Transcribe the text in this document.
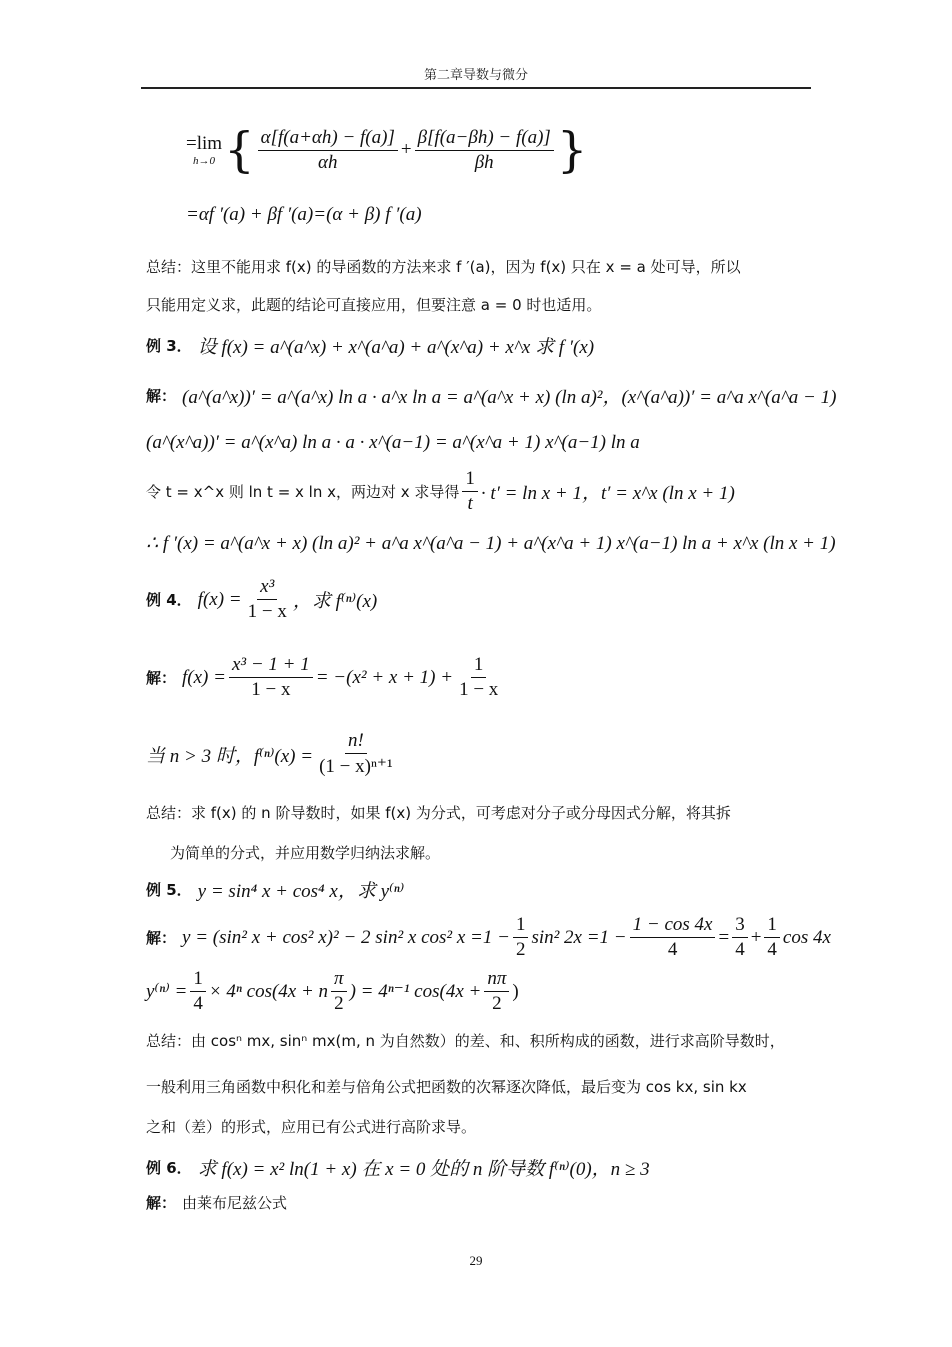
第二章导数与微分
=lim
h→0 { $\frac{\alpha[f(a+\alpha h) - f(a)]}{\alpha h} + \frac{\beta[f(a-\beta h) - f(a)]}{\beta h}$ }
=αf ′(a) + βf ′(a)=(α + β) f ′(a)
总结：这里不能用求 f(x) 的导函数的方法来求 f ′(a)，因为 f(x) 只在 x = a 处可导，所以
只能用定义求，此题的结论可直接应用，但要注意 a = 0 时也适用。
例 3． 设 f(x) = a^(a^x) + x^(a^a) + a^(x^a) + x^x 求 f ′(x)
解： (a^(a^x))′ = a^(a^x) ln a · a^x ln a = a^(a^x + x) (ln a)²，(x^(a^a))′ = a^a x^(a^a − 1)
(a^(x^a))′ = a^(x^a) ln a · a · x^(a−1) = a^(x^a + 1) x^(a−1) ln a
令 t = x^x 则 ln t = x ln x，两边对 x 求导得 $\frac{1}{t} \cdot t' = \ln x + 1$，t′ = x^x (ln x + 1)
∴ f ′(x) = a^(a^x + x) (ln a)² + a^a x^(a^a − 1) + a^(x^a + 1) x^(a−1) ln a + x^x (ln x + 1)
例 4． $f(x) = \frac{\text{x³}}{1 - x}$ ，求 f⁽ⁿ⁾(x)
解： $f(x) = \frac{\text{x³ − 1 + 1}}{1 - x} = -(x^2 + x + 1) + \frac{1}{1 - x}$
当 n > 3 时，$f^{(n)}(x) = \frac{n!}{\text{(1 − x)ⁿ⁺¹}}$
总结：求 f(x) 的 n 阶导数时，如果 f(x) 为分式，可考虑对分子或分母因式分解，将其拆
为简单的分式，并应用数学归纳法求解。
例 5． y = sin⁴ x + cos⁴ x，求 y⁽ⁿ⁾
解： y = (sin² x + cos² x)² − 2 sin² x cos² $x =1 - \frac{1}{2} \sin^2$ $2x =1 - \frac{1 - \cos 4x}{4} = \frac{3}{4} + \frac{1}{4}$ cos 4x
$y^{(n)} = \frac{1}{4} \times 4^n$ cos(4x + n $\frac{\pi}{2}$ ) = 4ⁿ⁻¹ $\cos(4x + \frac{n\pi}{2}$ )
总结：由 cosⁿ mx, sinⁿ mx(m, n 为自然数）的差、和、积所构成的函数，进行求高阶导数时，
一般利用三角函数中积化和差与倍角公式把函数的次幂逐次降低，最后变为 cos kx, sin kx
之和（差）的形式，应用已有公式进行高阶求导。
例 6． 求 f(x) = x² ln(1 + x) 在 x = 0 处的 n 阶导数 f⁽ⁿ⁾(0)，n ≥ 3
解： 由莱布尼兹公式
29
